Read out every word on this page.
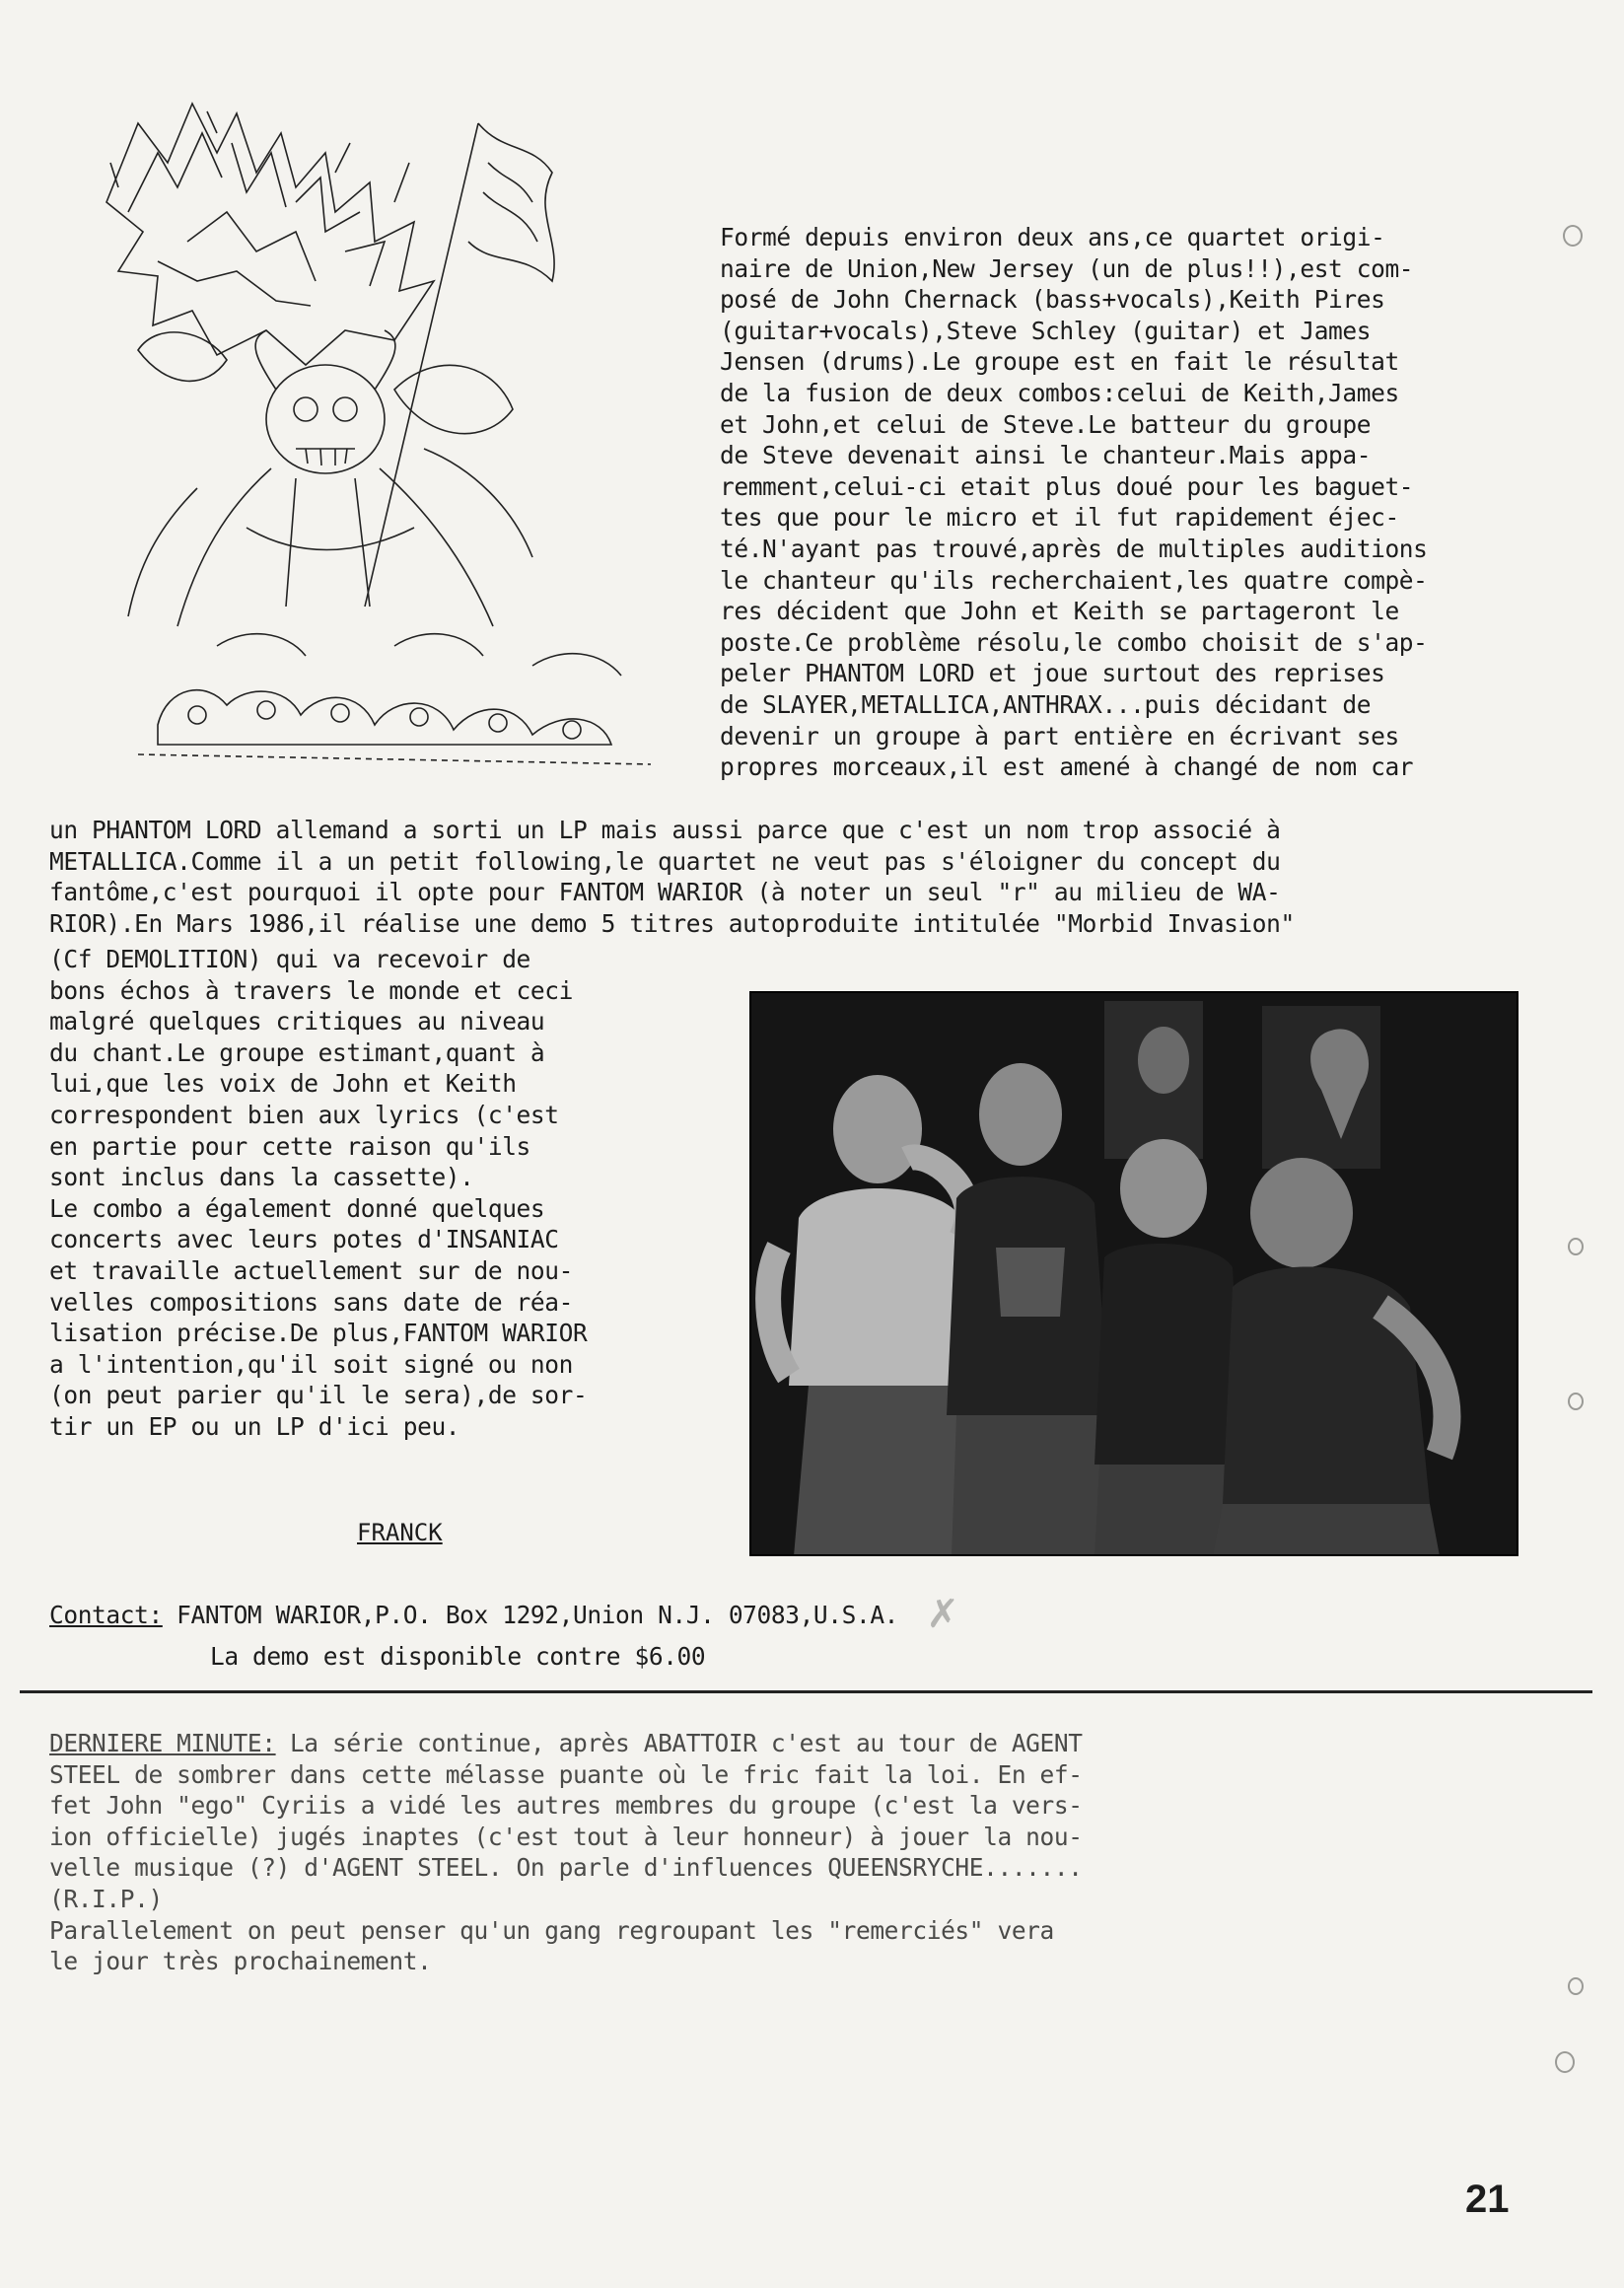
Formé depuis environ deux ans,ce quartet origi-

naire de Union,New Jersey (un de plus!!),est com-

posé de John Chernack (bass+vocals),Keith Pires

(guitar+vocals),Steve Schley (guitar) et James

Jensen (drums).Le groupe est en fait le résultat

de la fusion de deux combos:celui de Keith,James

et John,et celui de Steve.Le batteur du groupe

de Steve devenait ainsi le chanteur.Mais appa-

remment,celui-ci etait plus doué pour les baguet-

tes que pour le micro et il fut rapidement éjec-

té.N'ayant pas trouvé,après de multiples auditions

le chanteur qu'ils recherchaient,les quatre compè-

res décident que John et Keith se partageront le

poste.Ce problème résolu,le combo choisit de s'ap-

peler PHANTOM LORD et joue surtout des reprises

de SLAYER,METALLICA,ANTHRAX...puis décidant de

devenir un groupe à part entière en écrivant ses

propres morceaux,il est amené à changé de nom car

un PHANTOM LORD allemand a sorti un LP mais aussi parce que c'est un nom trop associé à

METALLICA.Comme il a un petit following,le quartet ne veut pas s'éloigner du concept du

fantôme,c'est pourquoi il opte pour FANTOM WARIOR (à noter un seul "r" au milieu de WA-

RIOR).En Mars 1986,il réalise une demo 5 titres autoproduite intitulée "Morbid Invasion"

(Cf DEMOLITION) qui va recevoir de

bons échos à travers le monde et ceci

malgré quelques critiques au niveau

du chant.Le groupe estimant,quant à

lui,que les voix de John et Keith

correspondent bien aux lyrics (c'est

en partie pour cette raison qu'ils

sont inclus dans la cassette).

Le combo a également donné quelques

concerts avec leurs potes d'INSANIAC

et travaille actuellement sur de nou-

velles compositions sans date de réa-

lisation précise.De plus,FANTOM WARIOR

a l'intention,qu'il soit signé ou non

(on peut parier qu'il le sera),de sor-

tir un EP ou un LP d'ici peu.

FRANCK
Contact: FANTOM WARIOR,P.O. Box 1292,Union N.J. 07083,U.S.A. ✗
La demo est disponible contre $6.00

DERNIERE MINUTE: La série continue, après ABATTOIR c'est au tour de AGENT

STEEL de sombrer dans cette mélasse puante où le fric fait la loi. En ef-
fet John "ego" Cyriis a vidé les autres membres du groupe (c'est la vers-
ion officielle) jugés inaptes (c'est tout à leur honneur) à jouer la nou-
velle musique (?) d'AGENT STEEL. On parle d'influences QUEENSRYCHE.......
(R.I.P.)

Parallelement on peut penser qu'un gang regroupant les "remerciés" vera
le jour très prochainement.

21
